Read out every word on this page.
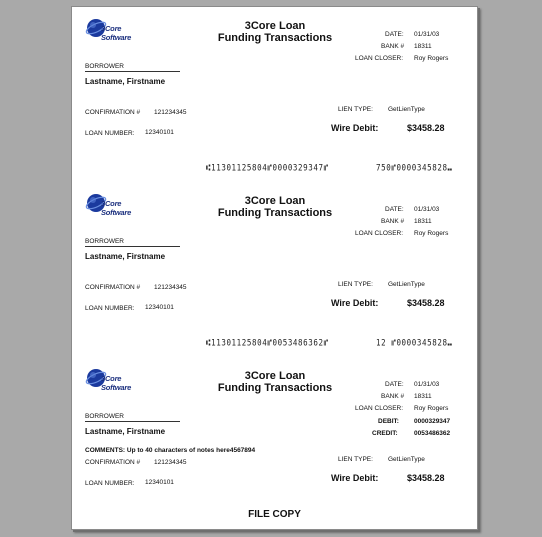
3Core Software
3Core Loan
Funding Transactions	DATE: 01/31/03
BANK # 18311
LOAN CLOSER: Roy Rogers
BORROWER
Lastname, Firstname
CONFIRMATION # 121234345	LIEN TYPE: GetLienType
LOAN NUMBER: 12340101	Wire Debit:	$3458.28
⑆11301125804⑈0000329347⑈	750⑈0000345828⑉
3Core Software
3Core Loan
Funding Transactions	DATE: 01/31/03
BANK # 18311
LOAN CLOSER: Roy Rogers
BORROWER
Lastname, Firstname
CONFIRMATION # 121234345	LIEN TYPE: GetLienType
LOAN NUMBER: 12340101	Wire Debit:	$3458.28
⑆11301125804⑈0053486362⑈	12 ⑈0000345828⑉
3Core Software
3Core Loan
Funding Transactions	DATE: 01/31/03
BANK # 18311
LOAN CLOSER: Roy Rogers
DEBIT: 0000329347
CREDIT:	0053486362
BORROWER
Lastname, Firstname
COMMENTS: Up to 40 characters of notes here4567894
CONFIRMATION # 121234345	LIEN TYPE: GetLienType
LOAN NUMBER: 12340101	Wire Debit:	$3458.28
FILE COPY
